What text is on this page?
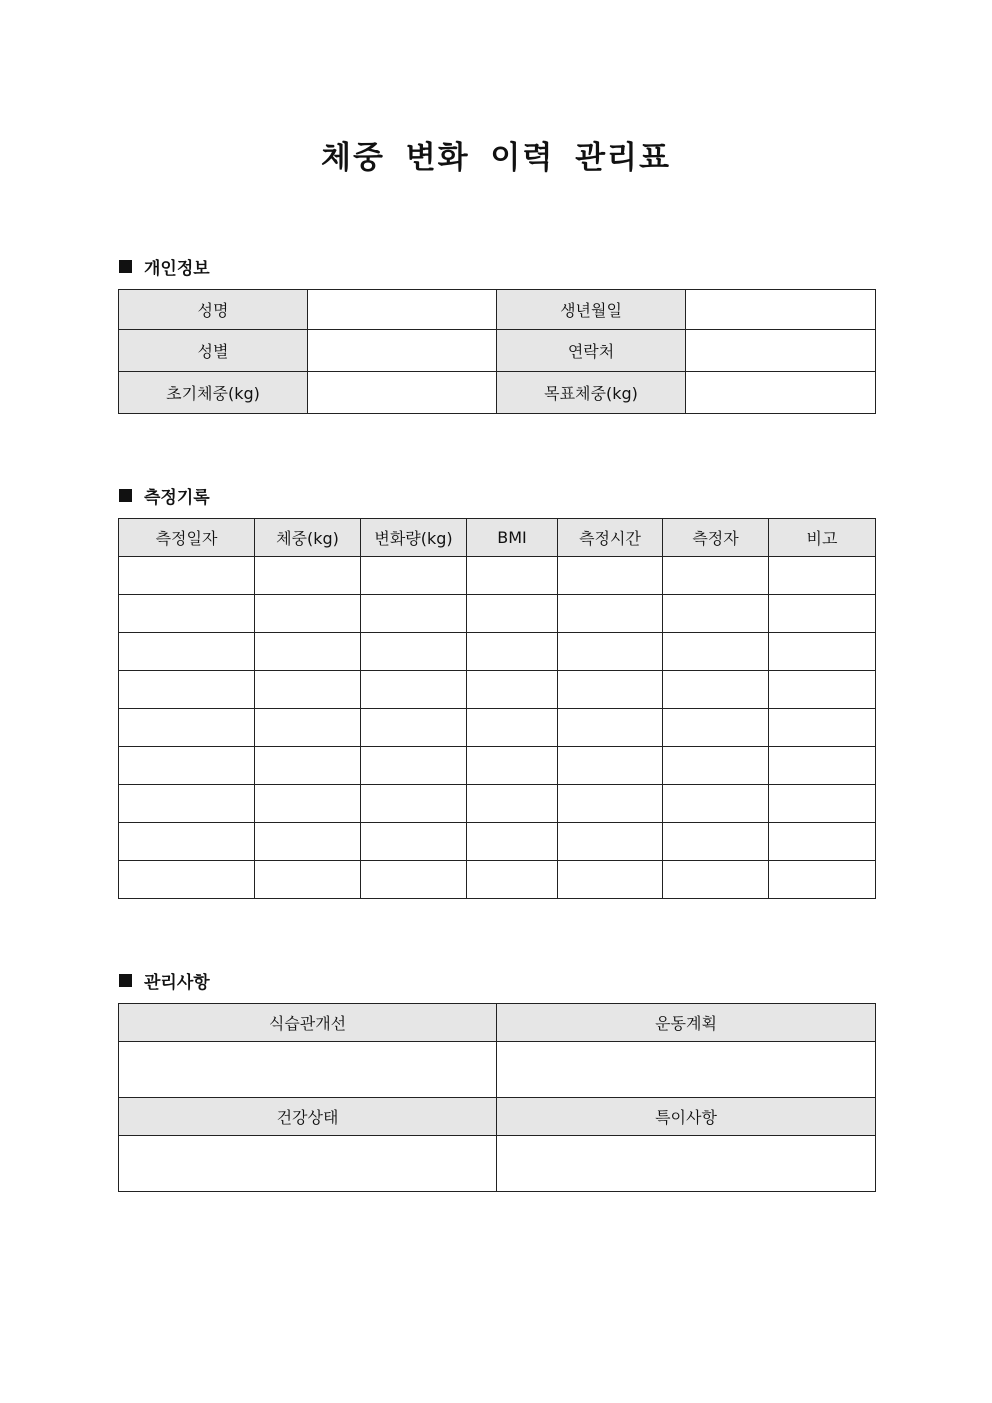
체중 변화 이력 관리표
개인정보
성명		생년월일	
성별		연락처	
초기체중(kg)		목표체중(kg)	
측정기록
측정일자	체중(kg)	변화량(kg)	BMI	측정시간	측정자	비고

관리사항
식습관개선	운동계획

건강상태	특이사항
